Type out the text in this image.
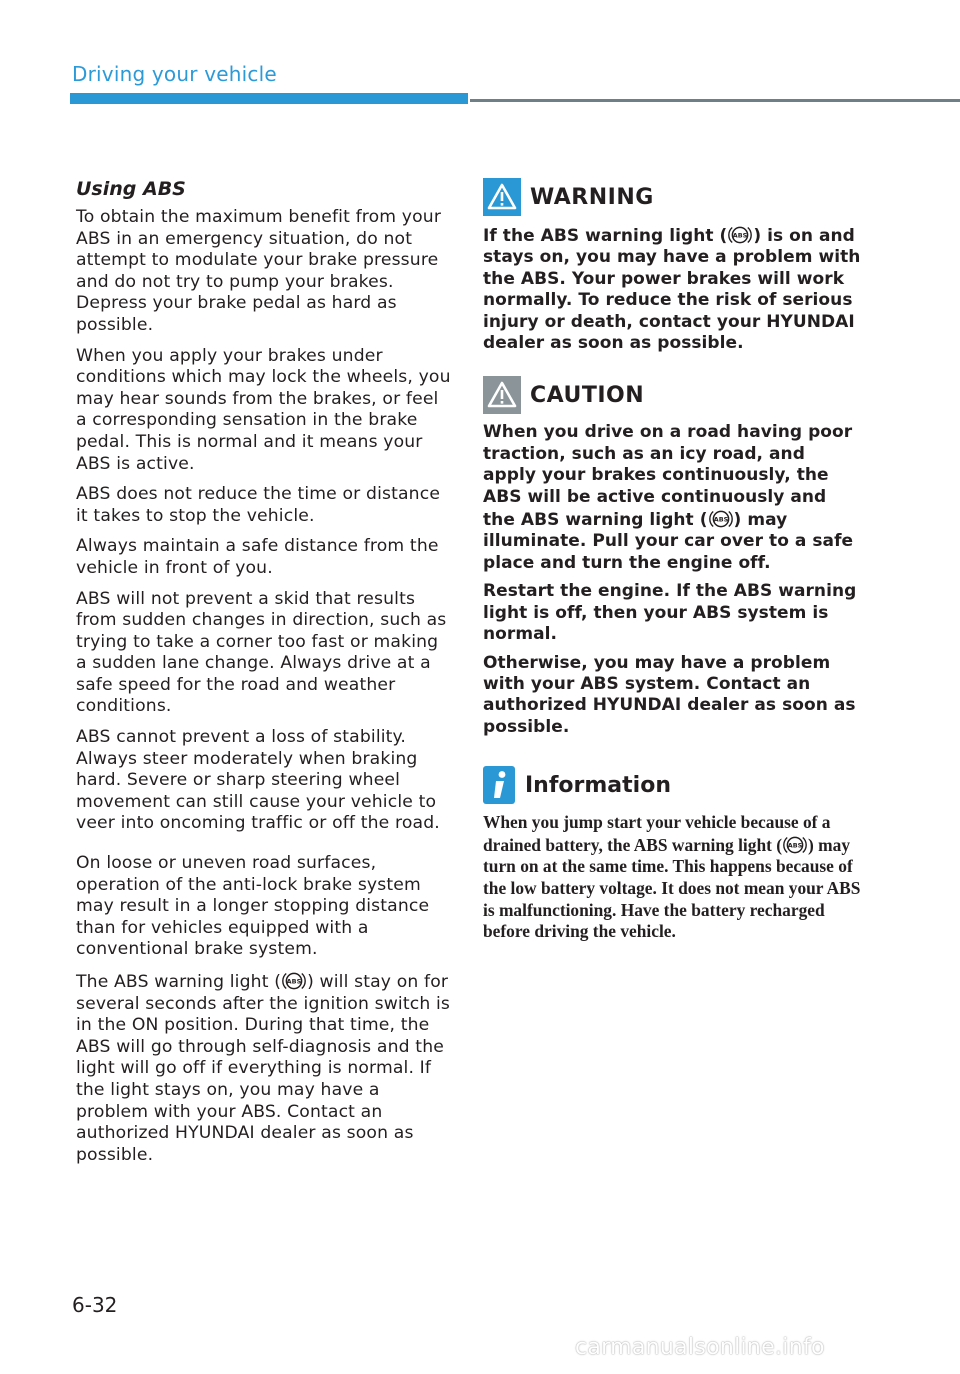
Driving your vehicle
Using ABS

To obtain the maximum benefit from your ABS in an emergency situation, do not attempt to modulate your brake pressure and do not try to pump your brakes. Depress your brake pedal as hard as possible.

When you apply your brakes under conditions which may lock the wheels, you may hear sounds from the brakes, or feel a corresponding sensation in the brake pedal. This is normal and it means your ABS is active.

ABS does not reduce the time or distance it takes to stop the vehicle.

Always maintain a safe distance from the vehicle in front of you.

ABS will not prevent a skid that results from sudden changes in direction, such as trying to take a corner too fast or making a sudden lane change. Always drive at a safe speed for the road and weather conditions.

ABS cannot prevent a loss of stability. Always steer moderately when braking hard. Severe or sharp steering wheel movement can still cause your vehicle to veer into oncoming traffic or off the road.

On loose or uneven road surfaces, operation of the anti-lock brake system may result in a longer stopping distance than for vehicles equipped with a conventional brake system.

The ABS warning light ( ABS ) will stay on for several seconds after the ignition switch is in the ON position. During that time, the ABS will go through self-diagnosis and the light will go off if everything is normal. If the light stays on, you may have a problem with your ABS. Contact an authorized HYUNDAI dealer as soon as possible.

WARNING

If the ABS warning light ( ABS ) is on and stays on, you may have a problem with the ABS. Your power brakes will work normally. To reduce the risk of serious injury or death, contact your HYUNDAI dealer as soon as possible.

CAUTION

When you drive on a road having poor traction, such as an icy road, and apply your brakes continuously, the ABS will be active continuously and the ABS warning light ( ABS ) may illuminate. Pull your car over to a safe place and turn the engine off.

Restart the engine. If the ABS warning light is off, then your ABS system is normal.

Otherwise, you may have a problem with your ABS system. Contact an authorized HYUNDAI dealer as soon as possible.

Information

When you jump start your vehicle because of a drained battery, the ABS warning light ( ABS ) may turn on at the same time. This happens because of the low battery voltage. It does not mean your ABS is malfunctioning. Have the battery recharged before driving the vehicle.

6-32

carmanualsonline.info
